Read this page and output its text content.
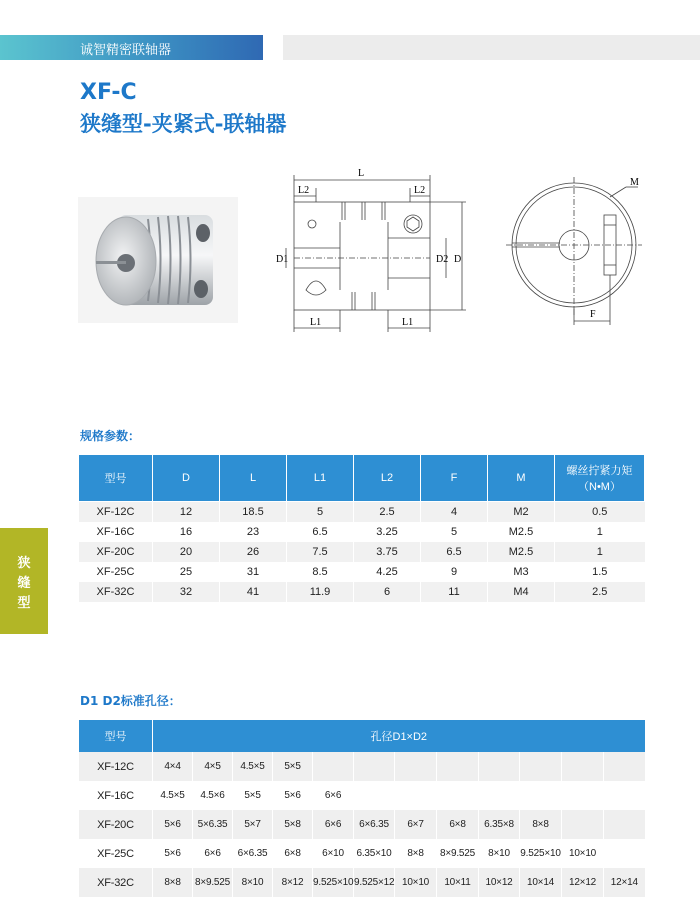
诚智精密联轴器
XF-C
狭缝型-夹紧式-联轴器
L
L2	L2
D1	D2 D
L1	L1
M
F
规格参数：
型号	D	L	L1	L2	F	M	螺丝拧紧力矩
（N•M）

XF-12C	12	18.5	5	2.5	4	M2	0.5
XF-16C	16	23	6.5	3.25	5	M2.5	1
XF-20C	20	26	7.5	3.75	6.5	M2.5	1
XF-25C	25	31	8.5	4.25	9	M3	1.5
XF-32C	32	41	11.9	6	11	M4	2.5
狭
缝
型
D1 D2标准孔径：
型号	孔径D1×D2											
XF-12C	4×4	4×5	4.5×5	5×5								
XF-16C	4.5×5	4.5×6	5×5	5×6	6×6							
XF-20C	5×6	5×6.35	5×7	5×8	6×6	6×6.35	6×7	6×8	6.35×8	8×8		
XF-25C	5×6	6×6	6×6.35	6×8	6×10	6.35×10	8×8	8×9.525	8×10	9.525×10	10×10	
XF-32C	8×8	8×9.525	8×10	8×12	9.525×10	9.525×12	10×10	10×11	10×12	10×14	12×12	12×14
